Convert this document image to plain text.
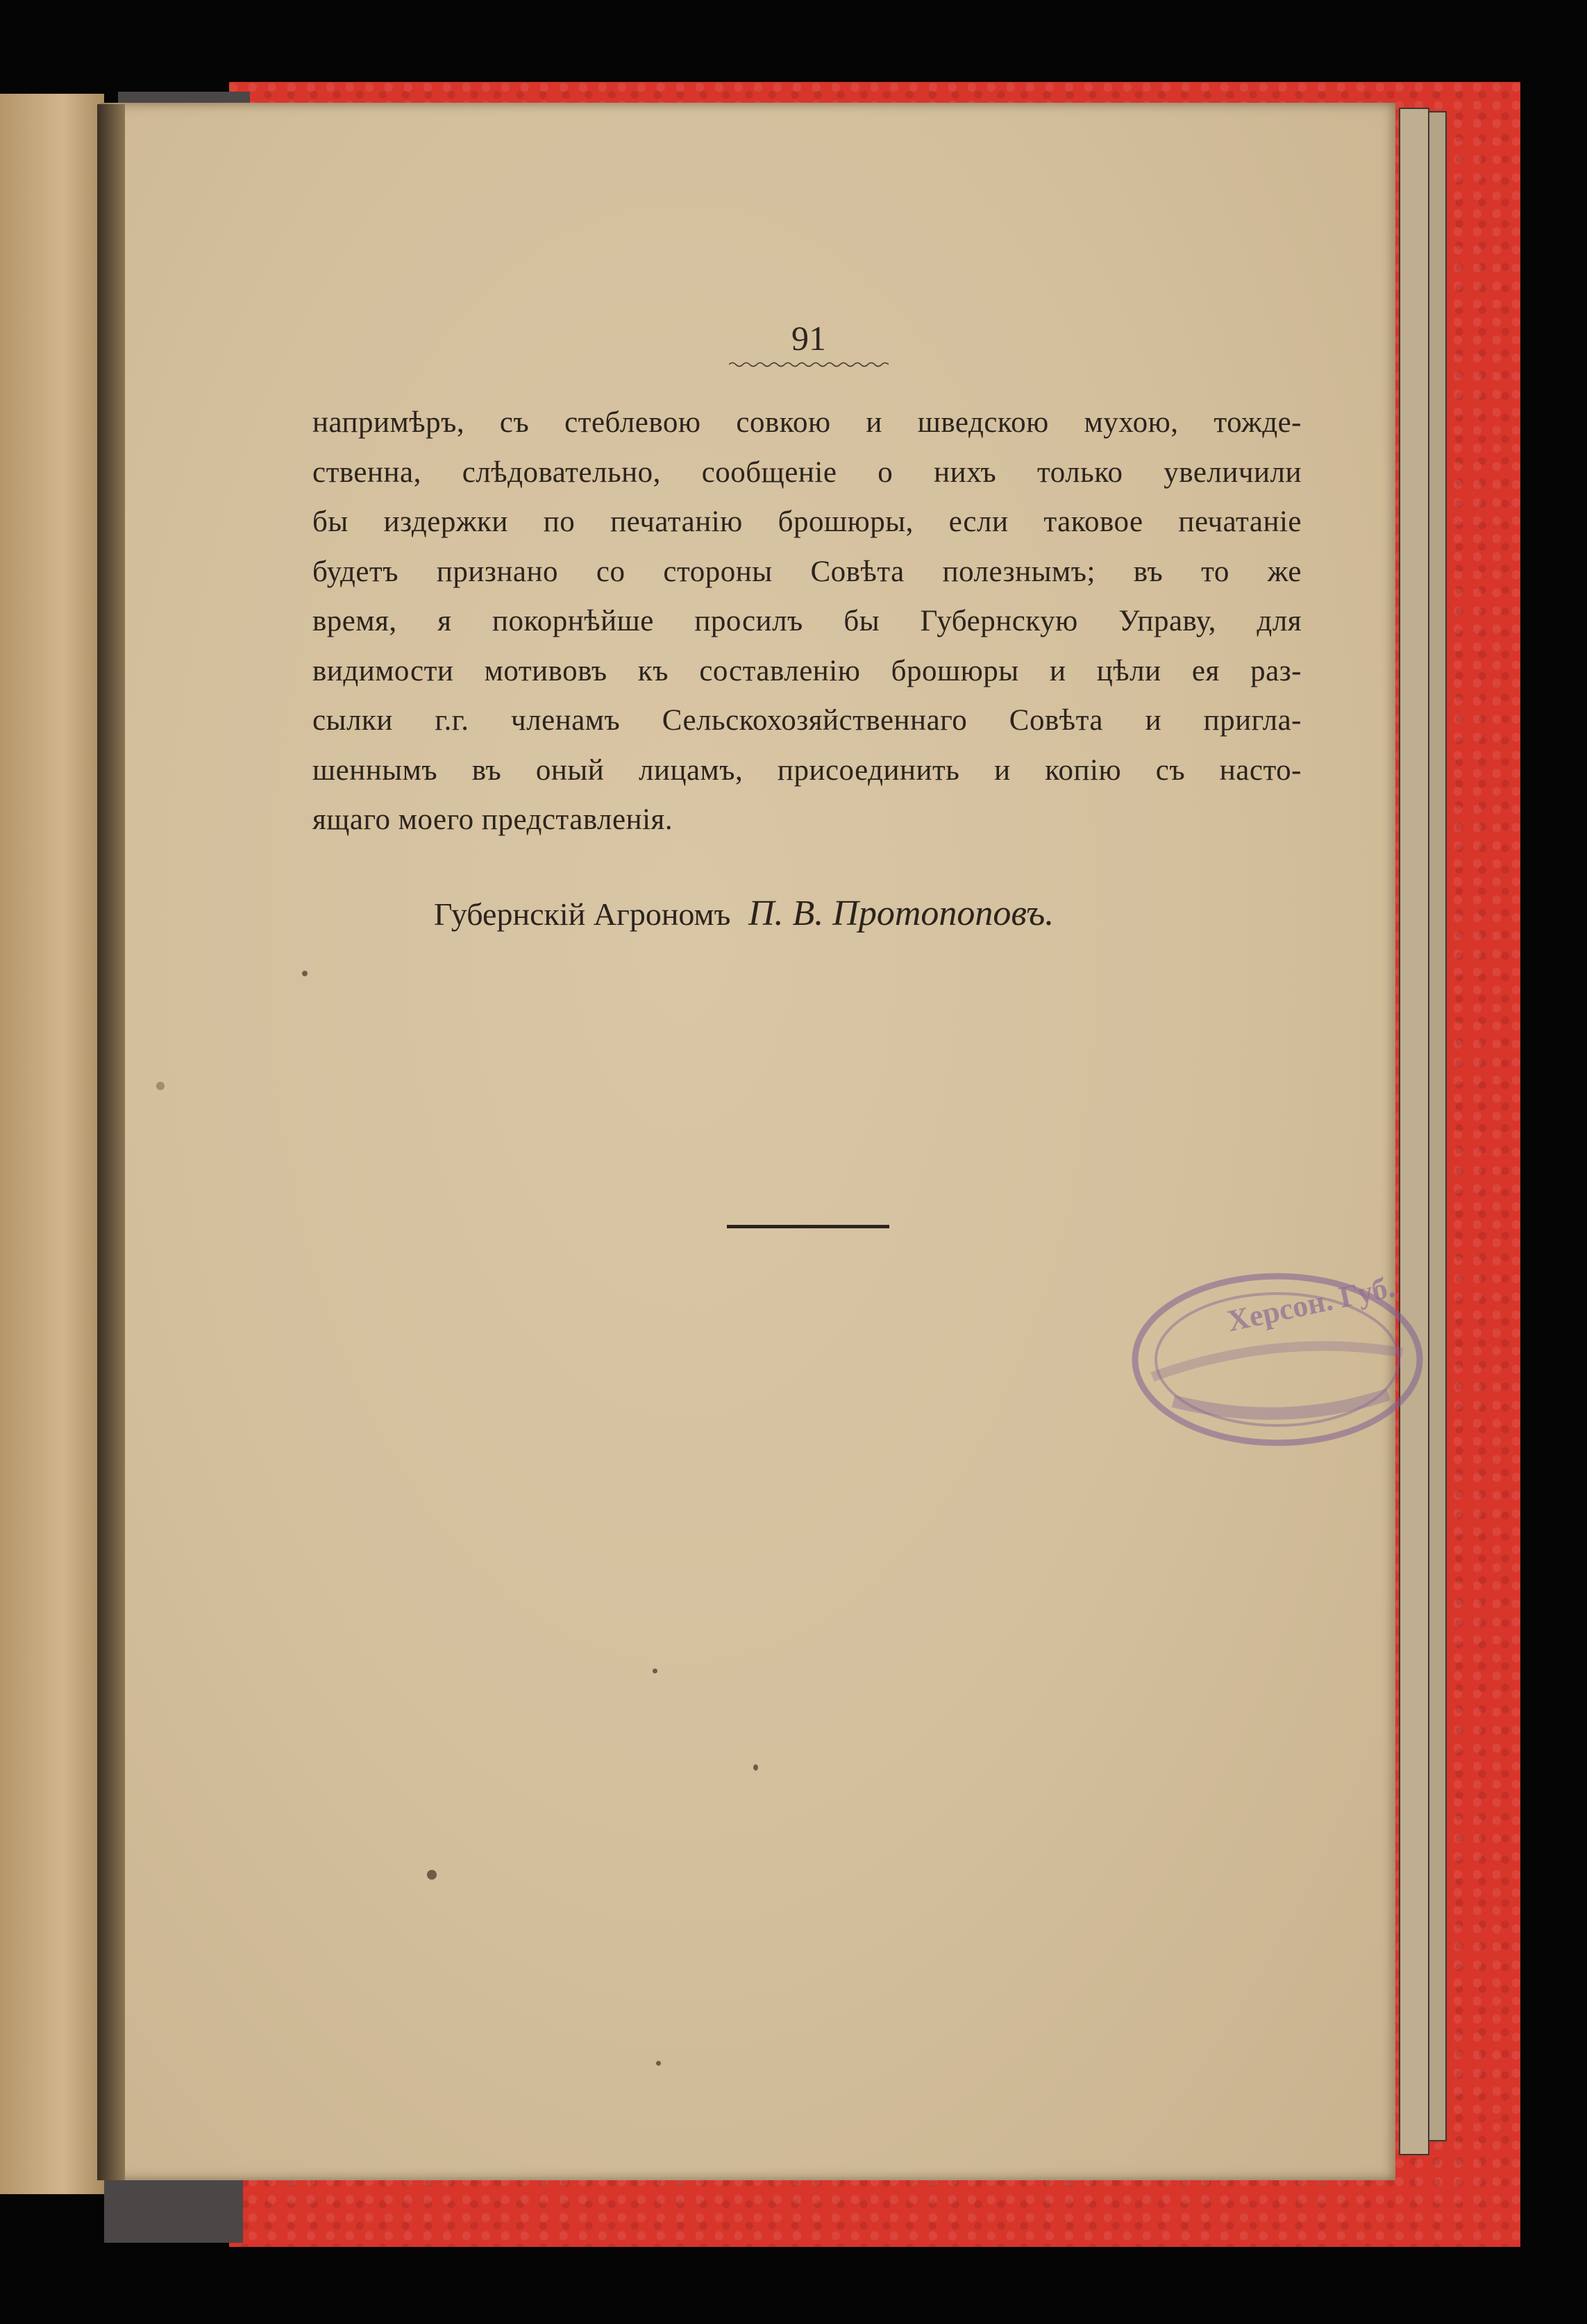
91
напримѣръ, съ стеблевою совкою и шведскою мухою, тожде-
ственна, слѣдовательно, сообщеніе о нихъ только увеличили
бы издержки по печатанію брошюры, если таковое печатаніе
будетъ признано со стороны Совѣта полезнымъ; въ то же
время, я покорнѣйше просилъ бы Губернскую Управу, для
видимости мотивовъ къ составленію брошюры и цѣли ея раз-
сылки г.г. членамъ Сельскохозяйственнаго Совѣта и пригла-
шеннымъ въ оный лицамъ, присоединить и копію съ насто-
ящаго моего представленія.
Губернскій Агрономъ П. В. Протопоповъ.
Херсон. Губ.
